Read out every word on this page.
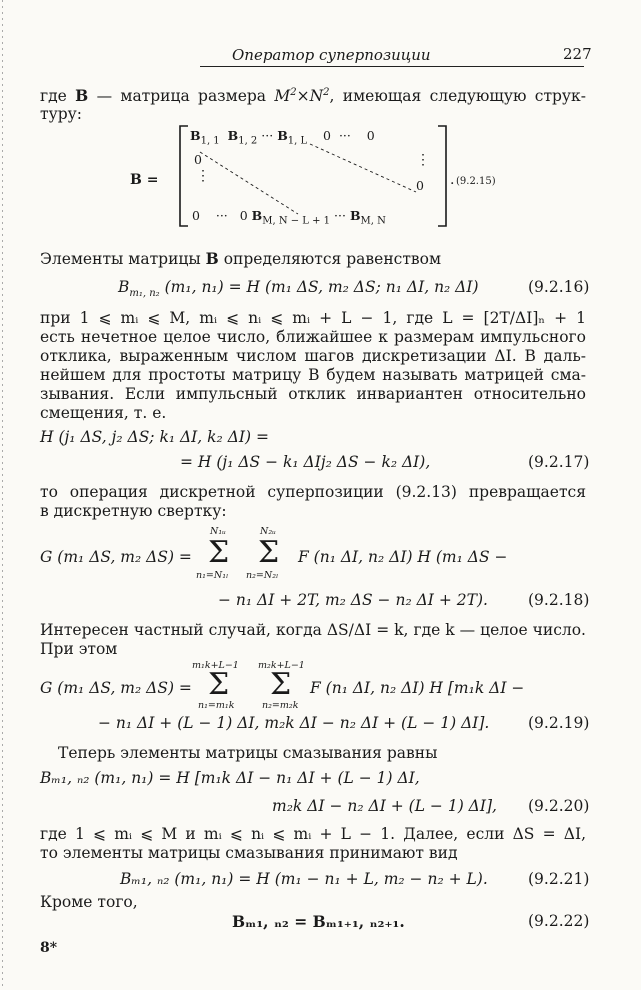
Оператор суперпозиции	227
где B — матрица размера $M^2\times N^2$, имеющая следующую струк-
туру:
B =
$B_{1, 1}$ $B_{1, 2}$ ··· $B_{1, L}$ 0 ··· 0
0
⋮
⋮
0
0 ··· 0 $B_{M, N - L + 1}$ ··· $B_{M, N}$
. (9.2.15)
Элементы матрицы B определяются равенством
$B_{m_1, n_2}$ (m₁, n₁) = H (m₁ ΔS, m₂ ΔS; n₁ ΔI, n₂ ΔI)	(9.2.16)
при 1 ⩽ mᵢ ⩽ M, mᵢ ⩽ nᵢ ⩽ mᵢ + L − 1, где L = [2T/ΔI]ₙ + 1
есть нечетное целое число, ближайшее к размерам импульсного
отклика, выраженным числом шагов дискретизации ΔI. В даль-
нейшем для простоты матрицу B будем называть матрицей сма-
зывания. Если импульсный отклик инвариантен относительно
смещения, т. е.
H (j₁ ΔS, j₂ ΔS; k₁ ΔI, k₂ ΔI) =
= H (j₁ ΔS − k₁ ΔIj₂ ΔS − k₂ ΔI),	(9.2.17)
то операция дискретной суперпозиции (9.2.13) превращается
в дискретную свертку:
G (m₁ ΔS, m₂ ΔS) =
N₁ᵤ
Σ
n₁=N₁ₗ
N₂ᵤ
Σ
n₂=N₂ₗ
F (n₁ ΔI, n₂ ΔI) H (m₁ ΔS −
− n₁ ΔI + 2T, m₂ ΔS − n₂ ΔI + 2T).	(9.2.18)
Интересен частный случай, когда ΔS/ΔI = k, где k — целое число.
При этом
G (m₁ ΔS, m₂ ΔS) =
m₁k+L−1
Σ
n₁=m₁k
m₂k+L−1
Σ
n₂=m₂k
F (n₁ ΔI, n₂ ΔI) H [m₁k ΔI −
− n₁ ΔI + (L − 1) ΔI, m₂k ΔI − n₂ ΔI + (L − 1) ΔI]. (9.2.19)
Теперь элементы матрицы смазывания равны
Bₘ₁, ₙ₂ (m₁, n₁) = H [m₁k ΔI − n₁ ΔI + (L − 1) ΔI,
m₂k ΔI − n₂ ΔI + (L − 1) ΔI], (9.2.20)
где 1 ⩽ mᵢ ⩽ M и mᵢ ⩽ nᵢ ⩽ mᵢ + L − 1. Далее, если ΔS = ΔI,
то элементы матрицы смазывания принимают вид
Bₘ₁, ₙ₂ (m₁, n₁) = H (m₁ − n₁ + L, m₂ − n₂ + L).	(9.2.21)
Кроме того,
Bₘ₁, ₙ₂ = Bₘ₁₊₁, ₙ₂₊₁.	(9.2.22)
8*
